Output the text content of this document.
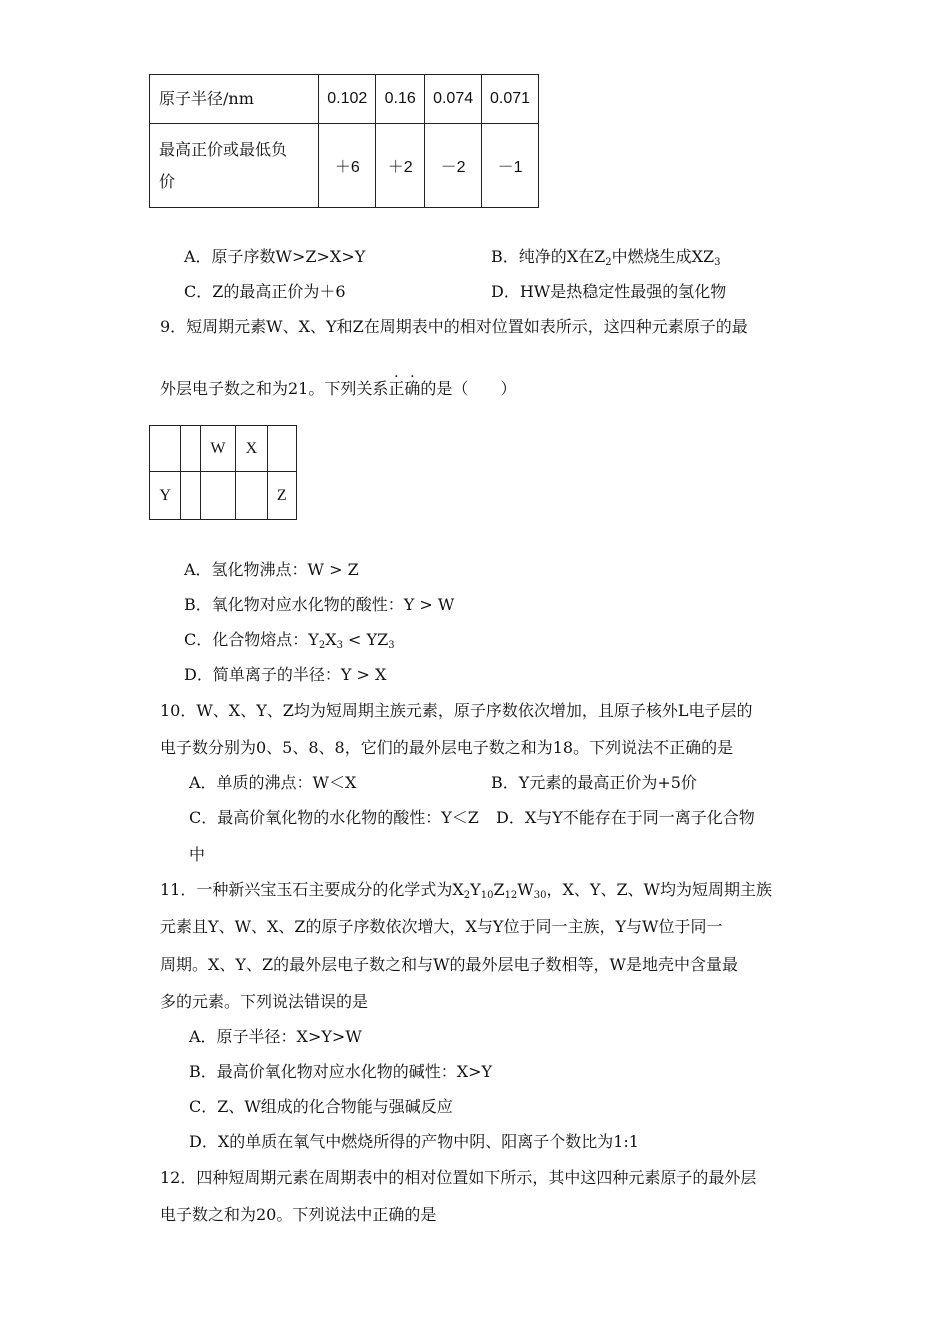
原子半径/nm	0.102	0.16	0.074	0.071

最高正价或最低负
价	＋6	＋2	－2	－1
A．原子序数W>Z>X>Y	B．纯净的X在$Z_2$中燃烧生成$XZ_3$
C．Z的最高正价为＋6	D．HW是热稳定性最强的氢化物
9．短周期元素W、X、Y和Z在周期表中的相对位置如表所示，这四种元素原子的最
外层电子数之和为21。下列关系正确的是（　　）
		W	X	
Y				Z
A．氢化物沸点：W > Z
B．氧化物对应水化物的酸性：Y > W
C．化合物熔点：$Y_2X_3 < YZ_3$
D．简单离子的半径：Y > X
10．W、X、Y、Z均为短周期主族元素，原子序数依次增加，且原子核外L电子层的
电子数分别为0、5、8、8，它们的最外层电子数之和为18。下列说法不正确的是
A．单质的沸点：W＜X	B．Y元素的最高正价为+5价
C．最高价氧化物的水化物的酸性：Y＜Z D．X与Y不能存在于同一离子化合物
中
11．一种新兴宝玉石主要成分的化学式为$X_2Y_{10}Z_{12}W_{30}$，X、Y、Z、W均为短周期主族
元素且Y、W、X、Z的原子序数依次增大，X与Y位于同一主族，Y与W位于同一
周期。X、Y、Z的最外层电子数之和与W的最外层电子数相等，W是地壳中含量最
多的元素。下列说法错误的是
A．原子半径：X>Y>W
B．最高价氧化物对应水化物的碱性：X>Y
C．Z、W组成的化合物能与强碱反应
D．X的单质在氧气中燃烧所得的产物中阴、阳离子个数比为1:1
12．四种短周期元素在周期表中的相对位置如下所示，其中这四种元素原子的最外层
电子数之和为20。下列说法中正确的是
